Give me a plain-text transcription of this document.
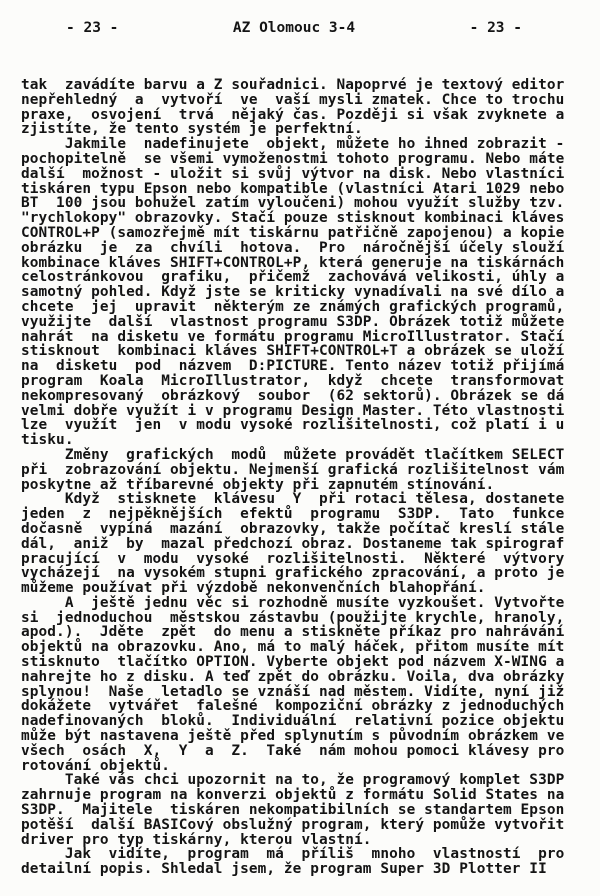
- 23 -	AZ Olomouc 3-4	- 23 -
tak  zavádíte barvu a Z souřadnici. Napoprvé je textový editor
nepřehledný  a  vytvoří  ve  vaší mysli zmatek. Chce to trochu
praxe,  osvojení  trvá  nějaký čas. Později si však zvyknete a
zjistíte, že tento systém je perfektní.
Jakmile  nadefinujete  objekt, můžete ho ihned zobrazit -
pochopitelně  se všemi vymoženostmi tohoto programu. Nebo máte
další  možnost - uložit si svůj výtvor na disk. Nebo vlastníci
tiskáren typu Epson nebo kompatible (vlastníci Atari 1029 nebo
BT  100 jsou bohužel zatím vyloučeni) mohou využít služby tzv.
"rychlokopy" obrazovky. Stačí pouze stisknout kombinaci kláves
CONTROL+P (samozřejmě mít tiskárnu patřičně zapojenou) a kopie
obrázku  je  za  chvíli  hotova.  Pro  náročnější účely slouží
kombinace kláves SHIFT+CONTROL+P, která generuje na tiskárnách
celostránkovou  grafiku,  přičemž  zachovává velikosti, úhly a
samotný pohled. Když jste se kriticky vynadívali na své dílo a
chcete  jej  upravit  některým ze známých grafických programů,
využijte  další  vlastnost programu S3DP. Obrázek totiž můžete
nahrát  na disketu ve formátu programu MicroIllustrator. Stačí
stisknout  kombinaci kláves SHIFT+CONTROL+T a obrázek se uloží
na  disketu  pod  názvem  D:PICTURE. Tento název totiž přijímá
program  Koala  MicroIllustrator,  když  chcete  transformovat
nekompresovaný  obrázkový  soubor  (62 sektorů). Obrázek se dá
velmi dobře využít i v programu Design Master. Této vlastnosti
lze  využít  jen  v modu vysoké rozlišitelnosti, což platí i u
tisku.
Změny  grafických  modů  můžete provádět tlačítkem SELECT
při  zobrazování objektu. Nejmenší grafická rozlišitelnost vám
poskytne až tříbarevné objekty při zapnutém stínování.
Když  stisknete  klávesu  Y  při rotaci tělesa, dostanete
jeden  z  nejpěknějších  efektů  programu  S3DP.  Tato  funkce
dočasně  vypíná  mazání  obrazovky, takže počítač kreslí stále
dál,  aniž  by  mazal předchozí obraz. Dostaneme tak spirograf
pracující  v  modu  vysoké  rozlišitelnosti.  Některé  výtvory
vycházejí  na vysokém stupni grafického zpracování, a proto je
můžeme používat při výzdobě nekonvenčních blahopřání.
A  ještě jednu věc si rozhodně musíte vyzkoušet. Vytvořte
si  jednoduchou  městskou zástavbu (použijte krychle, hranoly,
apod.).  Jděte  zpět  do menu a stiskněte příkaz pro nahrávání
objektů na obrazovku. Ano, má to malý háček, přitom musíte mít
stisknuto  tlačítko OPTION. Vyberte objekt pod názvem X-WING a
nahrejte ho z disku. A teď zpět do obrázku. Voila, dva obrázky
splynou!  Naše  letadlo se vznáší nad městem. Vidíte, nyní již
dokážete  vytvářet  falešné  kompoziční obrázky z jednoduchých
nadefinovaných  bloků.  Individuální  relativní pozice objektu
může být nastavena ještě před splynutím s původním obrázkem ve
všech  osách  X,  Y  a  Z.  Také  nám mohou pomoci klávesy pro
rotování objektů.
Také vás chci upozornit na to, že programový komplet S3DP
zahrnuje program na konverzi objektů z formátu Solid States na
S3DP.  Majitele  tiskáren nekompatibilních se standartem Epson
potěší  další BASICový obslužný program, který pomůže vytvořit
driver pro typ tiskárny, kterou vlastní.
Jak  vidíte,  program  má  příliš  mnoho  vlastností  pro
detailní popis. Shledal jsem, že program Super 3D Plotter II
